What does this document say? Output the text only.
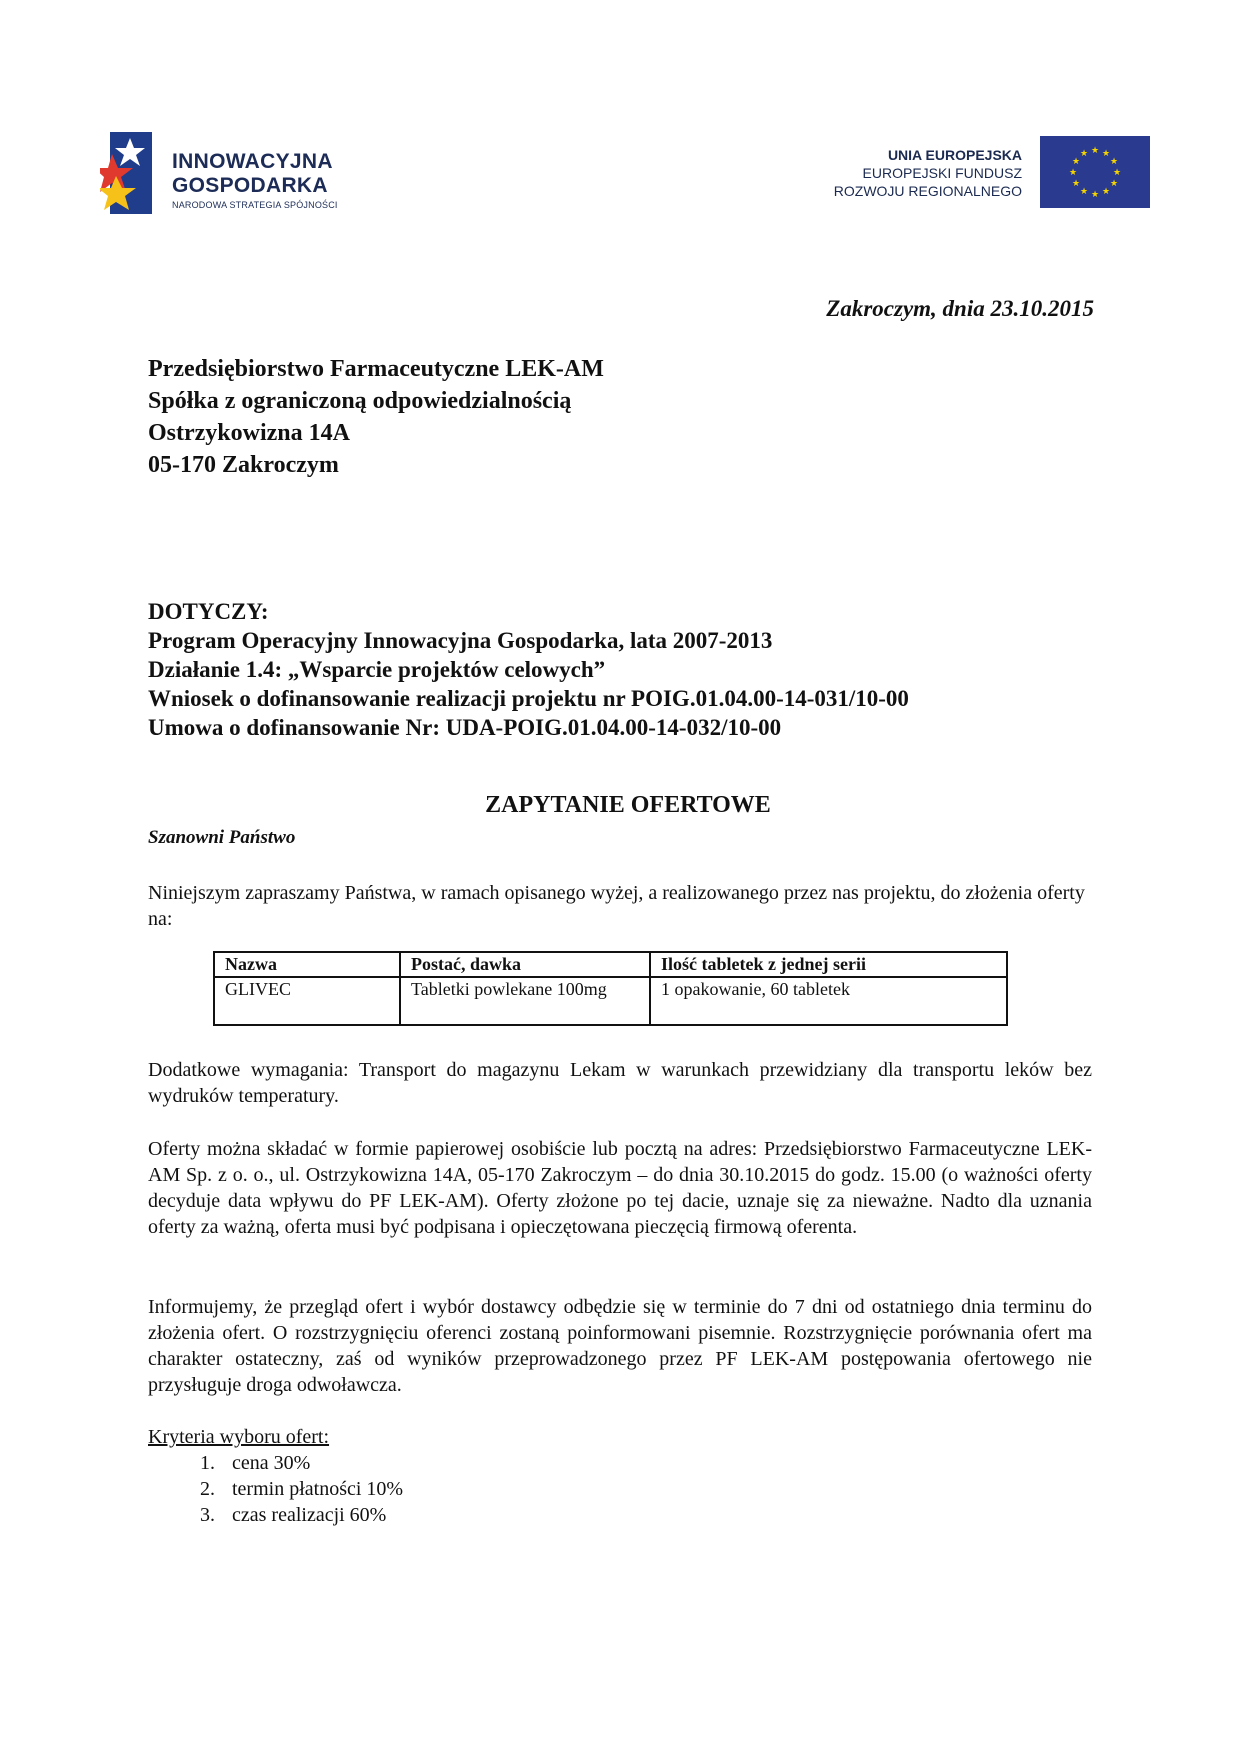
INNOWACYJNA
GOSPODARKA
NARODOWA STRATEGIA SPÓJNOŚCI
UNIA EUROPEJSKA
EUROPEJSKI FUNDUSZ
ROZWOJU REGIONALNEGO
★ ★
★
★
★
★
★
★
★
★
★
★
Zakroczym, dnia 23.10.2015
Przedsiębiorstwo Farmaceutyczne LEK-AM
Spółka z ograniczoną odpowiedzialnością
Ostrzykowizna 14A
05-170 Zakroczym
DOTYCZY:
Program Operacyjny Innowacyjna Gospodarka, lata 2007-2013
Działanie 1.4: „Wsparcie projektów celowych”
Wniosek o dofinansowanie realizacji projektu nr POIG.01.04.00-14-031/10-00
Umowa o dofinansowanie Nr: UDA-POIG.01.04.00-14-032/10-00
ZAPYTANIE OFERTOWE
Szanowni Państwo
Niniejszym zapraszamy Państwa, w ramach opisanego wyżej, a realizowanego przez nas projektu, do złożenia oferty na:
Nazwa	Postać, dawka	Ilość tabletek z jednej serii
GLIVEC	Tabletki powlekane 100mg	1 opakowanie, 60 tabletek
Dodatkowe wymagania: Transport do magazynu Lekam w warunkach przewidziany dla transportu leków bez wydruków temperatury.
Oferty można składać w formie papierowej osobiście lub pocztą na adres: Przedsiębiorstwo Farmaceutyczne LEK-AM Sp. z o. o., ul. Ostrzykowizna 14A, 05-170 Zakroczym – do dnia 30.10.2015 do godz. 15.00 (o ważności oferty decyduje data wpływu do PF LEK-AM). Oferty złożone po tej dacie, uznaje się za nieważne. Nadto dla uznania oferty za ważną, oferta musi być podpisana i opieczętowana pieczęcią firmową oferenta.
Informujemy, że przegląd ofert i wybór dostawcy odbędzie się w terminie do 7 dni od ostatniego dnia terminu do złożenia ofert. O rozstrzygnięciu oferenci zostaną poinformowani pisemnie. Rozstrzygnięcie porównania ofert ma charakter ostateczny, zaś od wyników przeprowadzonego przez PF LEK-AM postępowania ofertowego nie przysługuje droga odwoławcza.
Kryteria wyboru ofert:
1. cena 30%
2. termin płatności 10%
3. czas realizacji 60%
